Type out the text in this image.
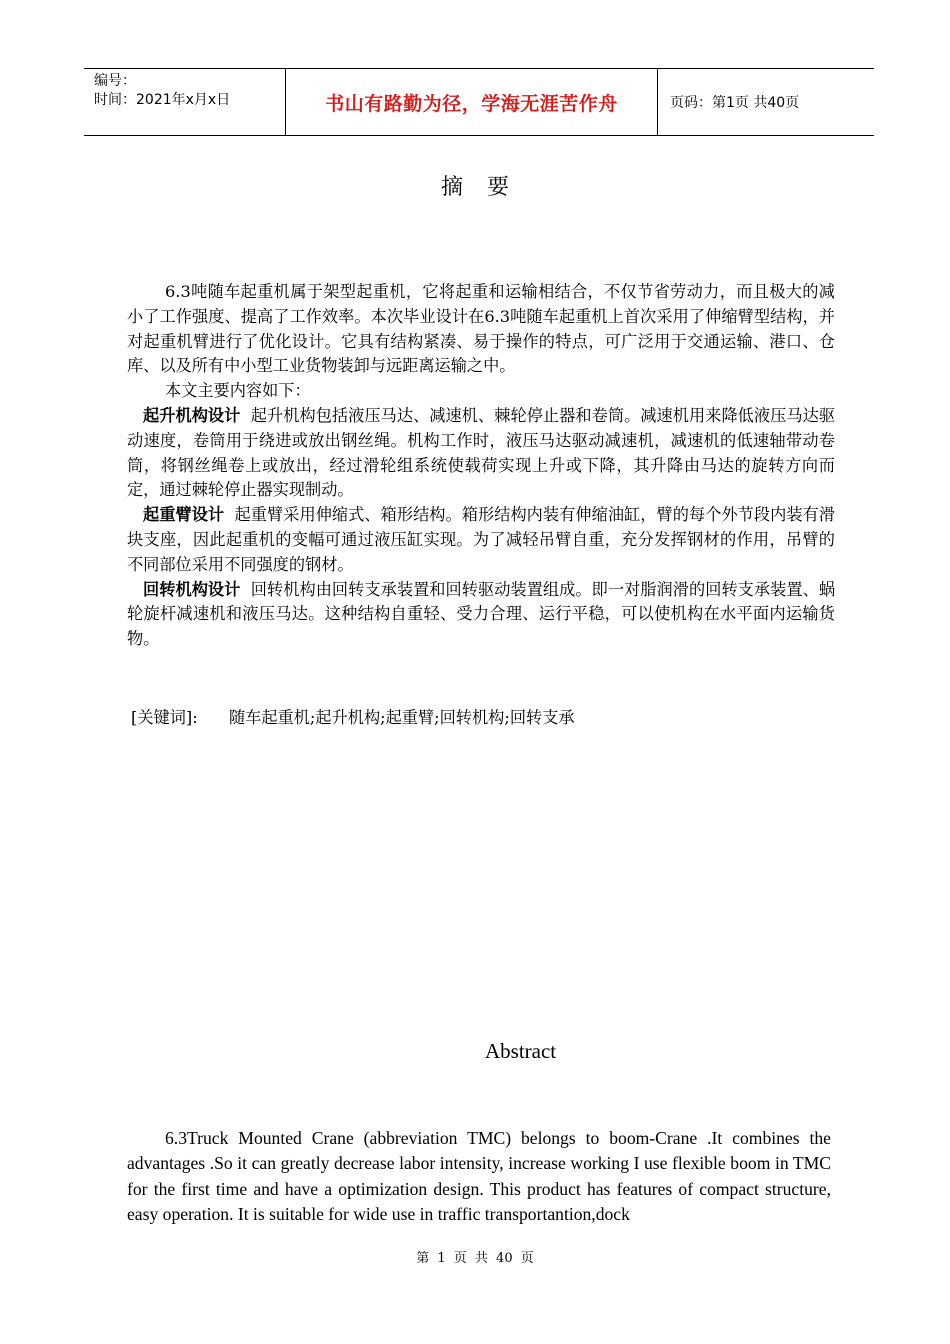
编号：
时间：2021年x月x日	书山有路勤为径，学海无涯苦作舟	页码：第1页 共40页
摘要

6.3吨随车起重机属于架型起重机，它将起重和运输相结合，不仅节省劳动力，而且极大的减小了工作强度、提高了工作效率。本次毕业设计在6.3吨随车起重机上首次采用了伸缩臂型结构，并对起重机臂进行了优化设计。它具有结构紧凑、易于操作的特点，可广泛用于交通运输、港口、仓库、以及所有中小型工业货物装卸与远距离运输之中。

本文主要内容如下：

起升机构设计 起升机构包括液压马达、减速机、棘轮停止器和卷筒。减速机用来降低液压马达驱动速度，卷筒用于绕进或放出钢丝绳。机构工作时，液压马达驱动减速机，减速机的低速轴带动卷筒，将钢丝绳卷上或放出，经过滑轮组系统使载荷实现上升或下降，其升降由马达的旋转方向而定，通过棘轮停止器实现制动。

起重臂设计 起重臂采用伸缩式、箱形结构。箱形结构内装有伸缩油缸，臂的每个外节段内装有滑块支座，因此起重机的变幅可通过液压缸实现。为了减轻吊臂自重，充分发挥钢材的作用，吊臂的不同部位采用不同强度的钢材。

回转机构设计 回转机构由回转支承装置和回转驱动装置组成。即一对脂润滑的回转支承装置、蜗轮旋杆减速机和液压马达。这种结构自重轻、受力合理、运行平稳，可以使机构在水平面内运输货物。

[关键词]: 随车起重机;起升机构;起重臂;回转机构;回转支承
Abstract

6.3Truck Mounted Crane (abbreviation TMC) belongs to boom-Crane .It combines the advantages .So it can greatly decrease labor intensity, increase working I use flexible boom in TMC for the first time and have a optimization design. This product has features of compact structure, easy operation. It is suitable for wide use in traffic transportantion,dock

第 1 页 共 40 页
